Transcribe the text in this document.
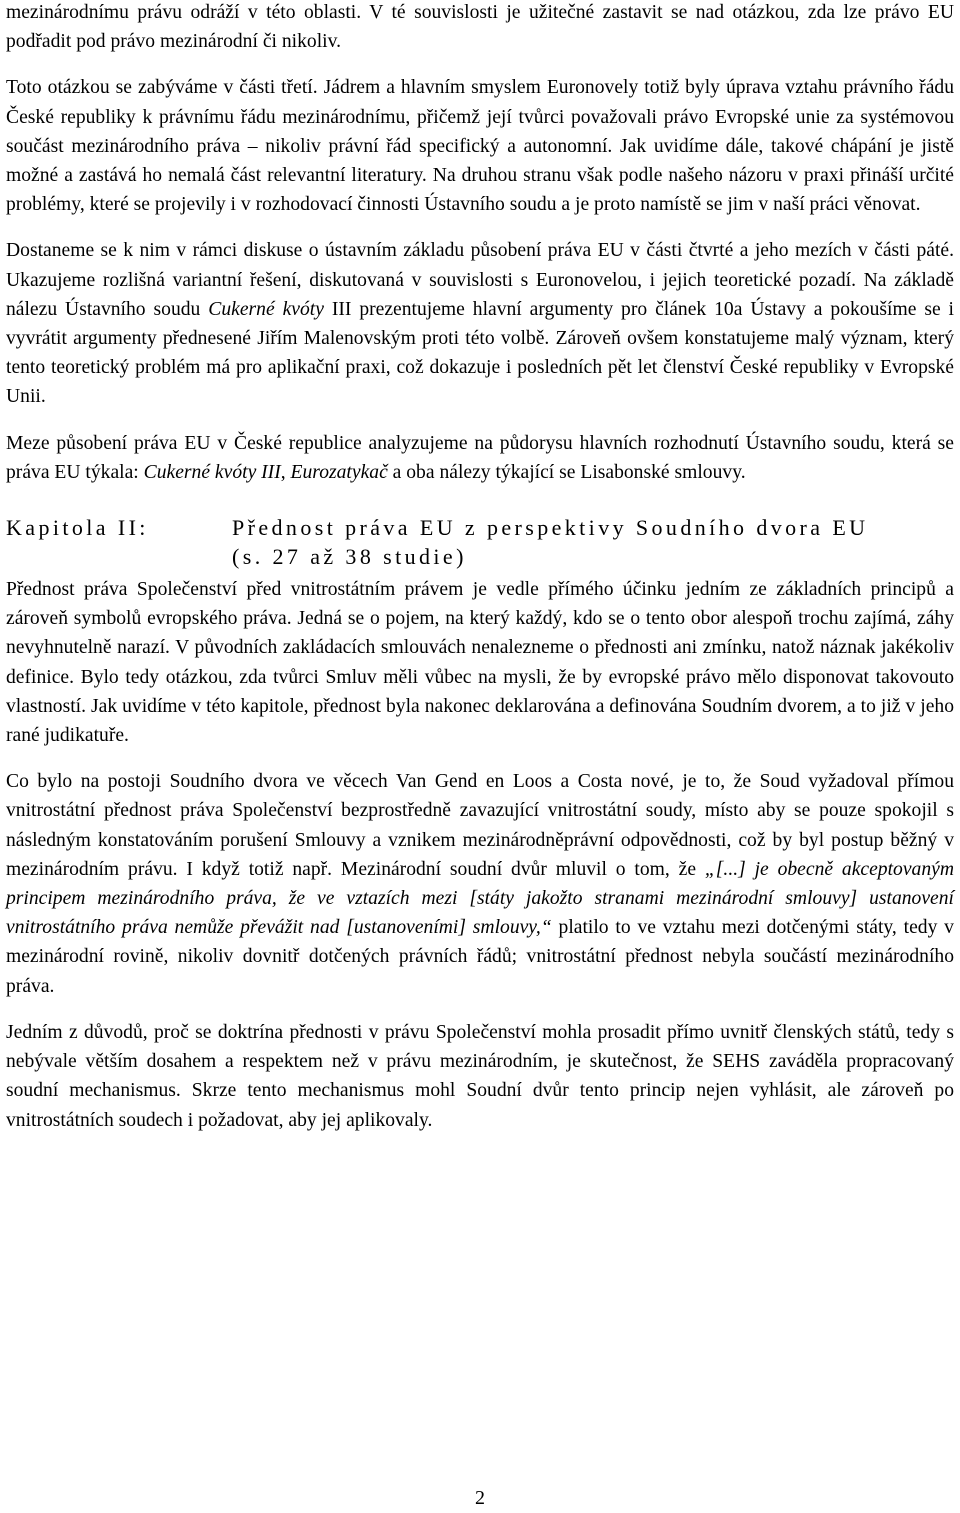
mezinárodnímu právu odráží v této oblasti. V té souvislosti je užitečné zastavit se nad otázkou, zda lze právo EU podřadit pod právo mezinárodní či nikoliv.

Toto otázkou se zabýváme v části třetí. Jádrem a hlavním smyslem Euronovely totiž byly úprava vztahu právního řádu České republiky k právnímu řádu mezinárodnímu, přičemž její tvůrci považovali právo Evropské unie za systémovou součást mezinárodního práva – nikoliv právní řád specifický a autonomní. Jak uvidíme dále, takové chápání je jistě možné a zastává ho nemalá část relevantní literatury. Na druhou stranu však podle našeho názoru v praxi přináší určité problémy, které se projevily i v rozhodovací činnosti Ústavního soudu a je proto namístě se jim v naší práci věnovat.

Dostaneme se k nim v rámci diskuse o ústavním základu působení práva EU v části čtvrté a jeho mezích v části páté. Ukazujeme rozlišná variantní řešení, diskutovaná v souvislosti s Euronovelou, i jejich teoretické pozadí. Na základě nálezu Ústavního soudu Cukerné kvóty III prezentujeme hlavní argumenty pro článek 10a Ústavy a pokoušíme se i vyvrátit argumenty přednesené Jiřím Malenovským proti této volbě. Zároveň ovšem konstatujeme malý význam, který tento teoretický problém má pro aplikační praxi, což dokazuje i posledních pět let členství České republiky v Evropské Unii.

Meze působení práva EU v České republice analyzujeme na půdorysu hlavních rozhodnutí Ústavního soudu, která se práva EU týkala: Cukerné kvóty III, Eurozatykač a oba nálezy týkající se Lisabonské smlouvy.

Kapitola II:	Přednost práva EU z perspektivy Soudního dvora EU
(s. 27 až 38 studie)

Přednost práva Společenství před vnitrostátním právem je vedle přímého účinku jedním ze základních principů a zároveň symbolů evropského práva. Jedná se o pojem, na který každý, kdo se o tento obor alespoň trochu zajímá, záhy nevyhnutelně narazí. V původních zakládacích smlouvách nenalezneme o přednosti ani zmínku, natož náznak jakékoliv definice. Bylo tedy otázkou, zda tvůrci Smluv měli vůbec na mysli, že by evropské právo mělo disponovat takovouto vlastností. Jak uvidíme v této kapitole, přednost byla nakonec deklarována a definována Soudním dvorem, a to již v jeho rané judikatuře.

Co bylo na postoji Soudního dvora ve věcech Van Gend en Loos a Costa nové, je to, že Soud vyžadoval přímou vnitrostátní přednost práva Společenství bezprostředně zavazující vnitrostátní soudy, místo aby se pouze spokojil s následným konstatováním porušení Smlouvy a vznikem mezinárodněprávní odpovědnosti, což by byl postup běžný v mezinárodním právu. I když totiž např. Mezinárodní soudní dvůr mluvil o tom, že „[...] je obecně akceptovaným principem mezinárodního práva, že ve vztazích mezi [státy jakožto stranami mezinárodní smlouvy] ustanovení vnitrostátního práva nemůže převážit nad [ustanoveními] smlouvy,“ platilo to ve vztahu mezi dotčenými státy, tedy v mezinárodní rovině, nikoliv dovnitř dotčených právních řádů; vnitrostátní přednost nebyla součástí mezinárodního práva.

Jedním z důvodů, proč se doktrína přednosti v právu Společenství mohla prosadit přímo uvnitř členských států, tedy s nebývale větším dosahem a respektem než v právu mezinárodním, je skutečnost, že SEHS zaváděla propracovaný soudní mechanismus. Skrze tento mechanismus mohl Soudní dvůr tento princip nejen vyhlásit, ale zároveň po vnitrostátních soudech i požadovat, aby jej aplikovaly.

2
